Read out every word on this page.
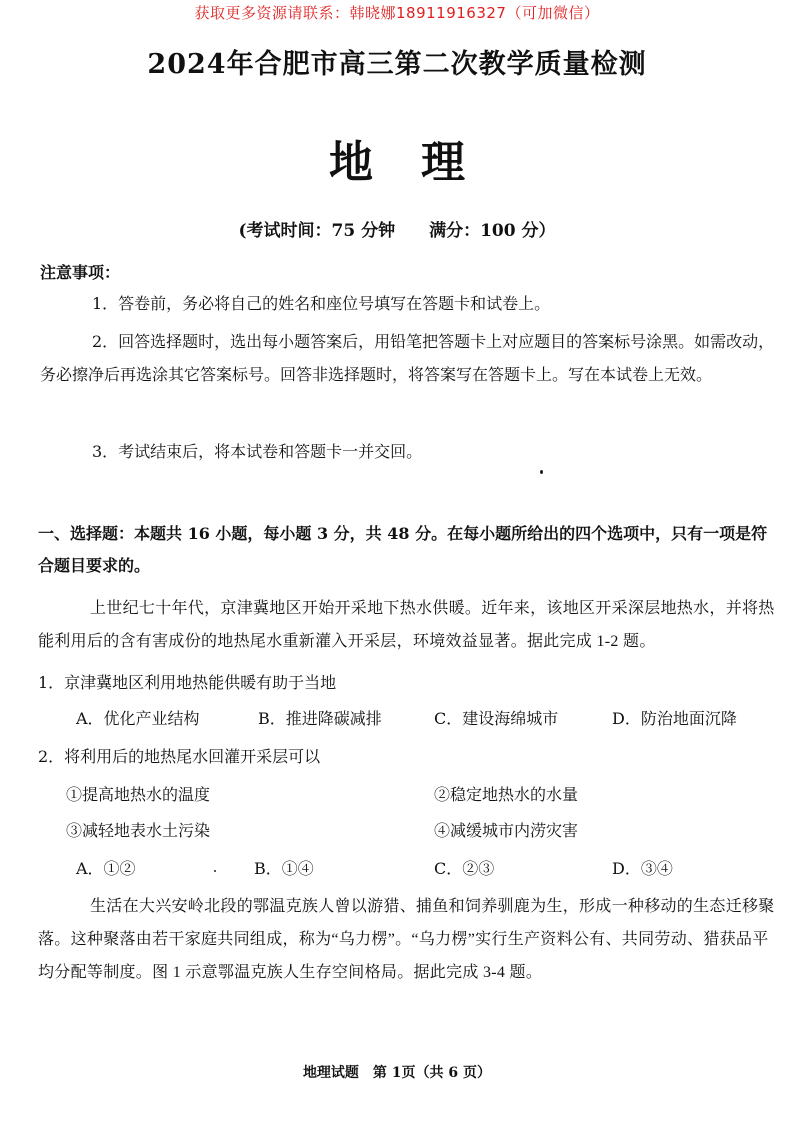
获取更多资源请联系：韩晓娜18911916327（可加微信）
2024年合肥市高三第二次教学质量检测
地理
(考试时间：75 分钟　　满分：100 分）
注意事项：
1．答卷前，务必将自己的姓名和座位号填写在答题卡和试卷上。
2．回答选择题时，选出每小题答案后，用铅笔把答题卡上对应题目的答案标号涂黑。如需改动，务必擦净后再选涂其它答案标号。回答非选择题时，将答案写在答题卡上。写在本试卷上无效。
3．考试结束后，将本试卷和答题卡一并交回。
一、选择题：本题共 16 小题，每小题 3 分，共 48 分。在每小题所给出的四个选项中，只有一项是符合题目要求的。
上世纪七十年代，京津冀地区开始开采地下热水供暖。近年来，该地区开采深层地热水，并将热能利用后的含有害成份的地热尾水重新灌入开采层，环境效益显著。据此完成 1-2 题。
1．京津冀地区利用地热能供暖有助于当地
A．优化产业结构	B．推进降碳减排	C．建设海绵城市	D．防治地面沉降
2．将利用后的地热尾水回灌开采层可以
①提高地热水的温度	②稳定地热水的水量
③减轻地表水土污染	④减缓城市内涝灾害
A．①②	B．①④	C．②③	D．③④
生活在大兴安岭北段的鄂温克族人曾以游猎、捕鱼和饲养驯鹿为生，形成一种移动的生态迁移聚落。这种聚落由若干家庭共同组成，称为“乌力楞”。“乌力楞”实行生产资料公有、共同劳动、猎获品平均分配等制度。图 1 示意鄂温克族人生存空间格局。据此完成 3-4 题。
地理试题　第 1页（共 6 页）
